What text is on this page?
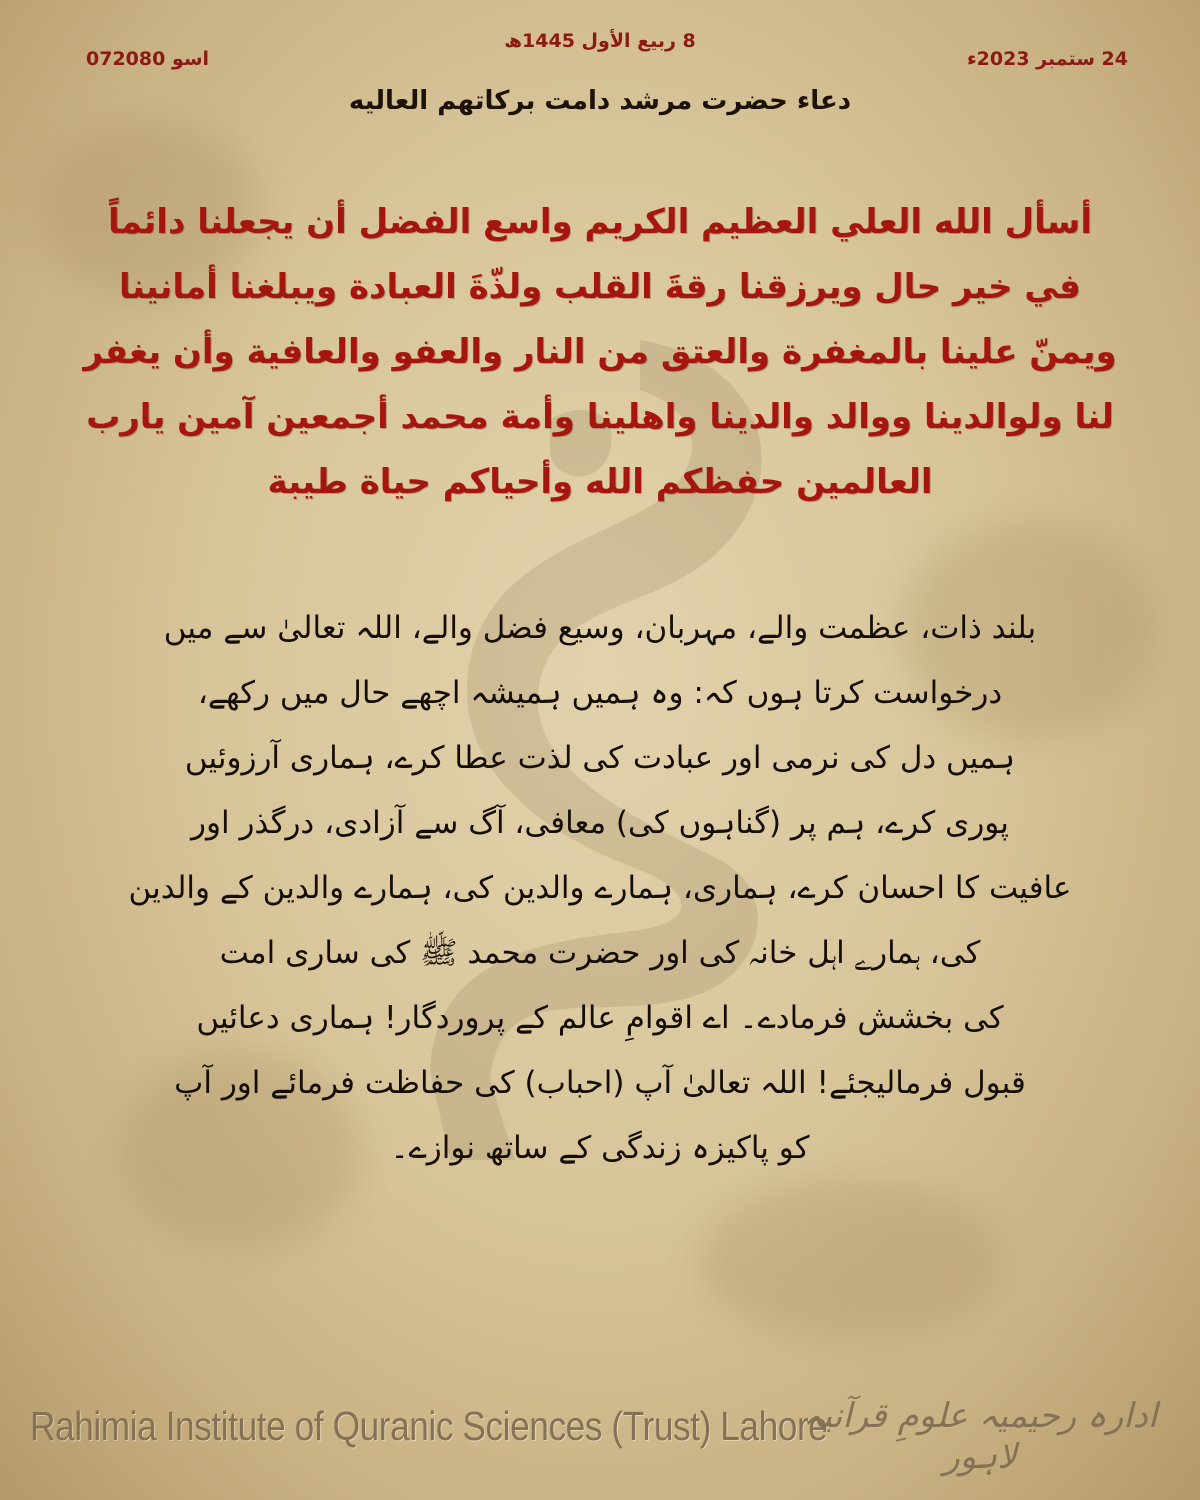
8 ربیع الأول 1445ھ
07اسو 2080	24 ستمبر 2023ء
دعاء حضرت مرشد دامت برکاتهم العالیه
أسأل الله العلي العظيم الكريم واسع الفضل أن يجعلنا دائماً في خير حال ويرزقنا رقةَ القلب ولذّةَ العبادة ويبلغنا أمانينا ويمنّ علينا بالمغفرة والعتق من النار والعفو والعافية وأن يغفر لنا ولوالدينا ووالد والدينا واهلينا وأمة محمد أجمعين آمين يارب العالمين حفظكم الله وأحياكم حياة طيبة
بلند ذات، عظمت والے، مہربان، وسیع فضل والے، اللہ تعالیٰ سے میں
درخواست کرتا ہوں کہ: وہ ہمیں ہمیشہ اچھے حال میں رکھے،
ہمیں دل کی نرمی اور عبادت کی لذت عطا کرے، ہماری آرزوئیں
پوری کرے، ہم پر (گناہوں کی) معافی، آگ سے آزادی، درگذر اور
عافیت کا احسان کرے، ہماری، ہمارے والدین کی، ہمارے والدین کے والدین
کی، ہمارے اہل خانہ کی اور حضرت محمد ﷺ کی ساری امت
کی بخشش فرمادے۔ اے اقوامِ عالم کے پروردگار! ہماری دعائیں
قبول فرمالیجئے! اللہ تعالیٰ آپ (احباب) کی حفاظت فرمائے اور آپ
کو پاکیزہ زندگی کے ساتھ نوازے۔
Rahimia Institute of Quranic Sciences (Trust) Lahore
ادارہ رحیمیہ علومِ قرآنیہ لاہور
